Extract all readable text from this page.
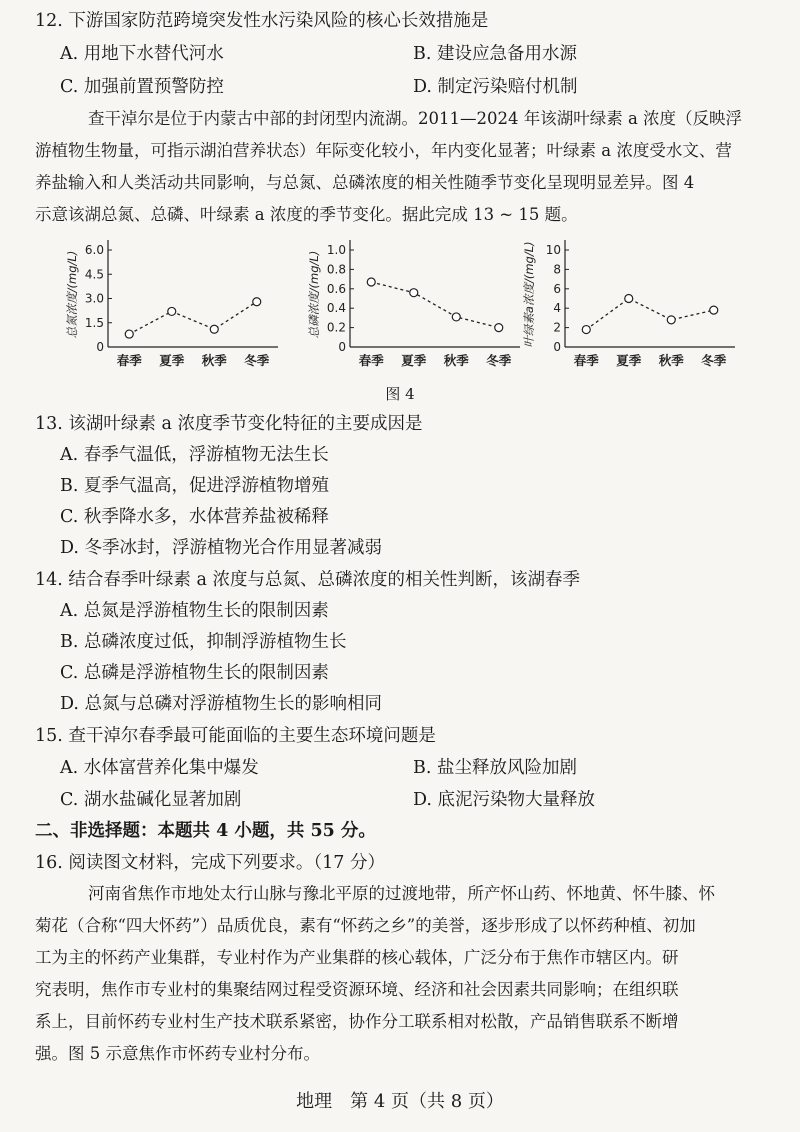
12. 下游国家防范跨境突发性水污染风险的核心长效措施是
A. 用地下水替代河水	B. 建设应急备用水源
C. 加强前置预警防控	D. 制定污染赔付机制
查干淖尔是位于内蒙古中部的封闭型内流湖。2011—2024 年该湖叶绿素 a 浓度（反映浮
游植物生物量，可指示湖泊营养状态）年际变化较小，年内变化显著；叶绿素 a 浓度受水文、营
养盐输入和人类活动共同影响，与总氮、总磷浓度的相关性随季节变化呈现明显差异。图 4
示意该湖总氮、总磷、叶绿素 a 浓度的季节变化。据此完成 13 ~ 15 题。
0
1.5
3.0
4.5
6.0
总氮浓度/(mg/L)
春季 夏季 秋季 冬季
0
0.2
0.4
0.6
0.8
1.0
总磷浓度/(mg/L)
春季 夏季 秋季 冬季
0
2
4
6
8
10
叶绿素a浓度/(mg/L)
春季 夏季 秋季 冬季
图 4
13. 该湖叶绿素 a 浓度季节变化特征的主要成因是
A. 春季气温低，浮游植物无法生长
B. 夏季气温高，促进浮游植物增殖
C. 秋季降水多，水体营养盐被稀释
D. 冬季冰封，浮游植物光合作用显著减弱
14. 结合春季叶绿素 a 浓度与总氮、总磷浓度的相关性判断，该湖春季
A. 总氮是浮游植物生长的限制因素
B. 总磷浓度过低，抑制浮游植物生长
C. 总磷是浮游植物生长的限制因素
D. 总氮与总磷对浮游植物生长的影响相同
15. 查干淖尔春季最可能面临的主要生态环境问题是
A. 水体富营养化集中爆发	B. 盐尘释放风险加剧
C. 湖水盐碱化显著加剧	D. 底泥污染物大量释放
二、非选择题：本题共 4 小题，共 55 分。
16. 阅读图文材料，完成下列要求。（17 分）
河南省焦作市地处太行山脉与豫北平原的过渡地带，所产怀山药、怀地黄、怀牛膝、怀
菊花（合称“四大怀药”）品质优良，素有“怀药之乡”的美誉，逐步形成了以怀药种植、初加
工为主的怀药产业集群，专业村作为产业集群的核心载体，广泛分布于焦作市辖区内。研
究表明，焦作市专业村的集聚结网过程受资源环境、经济和社会因素共同影响；在组织联
系上，目前怀药专业村生产技术联系紧密，协作分工联系相对松散，产品销售联系不断增
强。图 5 示意焦作市怀药专业村分布。
地理　第 4 页（共 8 页）
